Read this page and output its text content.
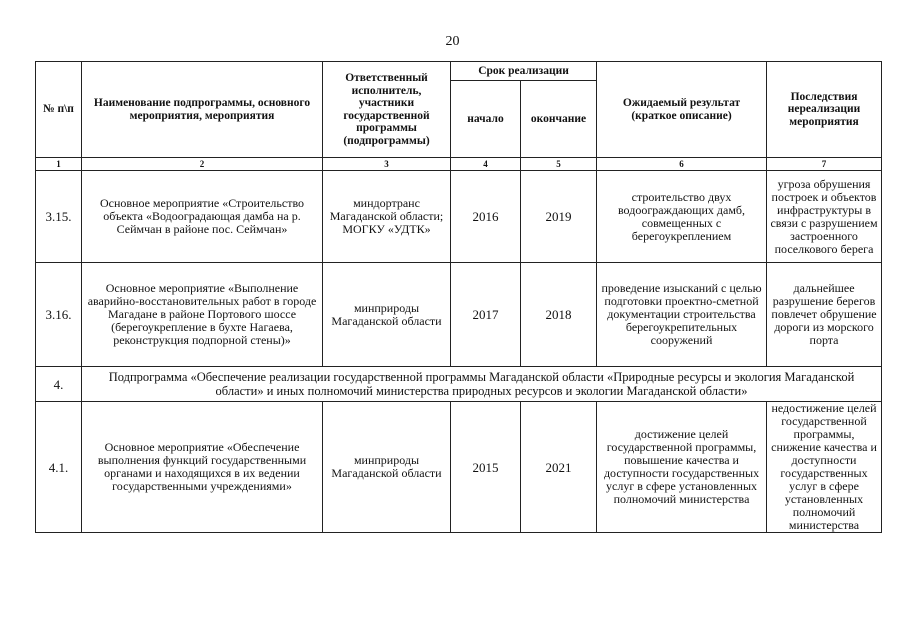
20
№ п\п	Наименование подпрограммы, основного мероприятия, мероприятия	Ответственный исполнитель, участники государственной программы (подпрограммы)	Срок реализации		Ожидаемый результат (краткое описание)	Последствия нереализации мероприятия
			начало	окончание		
1	2	3	4	5	6	7
3.15.	Основное мероприятие «Строительство объекта «Водооградающая дамба на р. Сеймчан в районе пос. Сеймчан»	миндортранс Магаданской области; МОГКУ «УДТК»	2016	2019	строительство двух водоограждающих дамб, совмещенных с берегоукреплением	угроза обрушения построек и объектов инфраструктуры в связи с разрушением застроенного поселкового берега
3.16.	Основное мероприятие «Выполнение аварийно-восстановительных работ в городе Магадане в районе Портового шоссе (берегоукрепление в бухте Нагаева, реконструкция подпорной стены)»	минприроды Магаданской области	2017	2018	проведение изысканий с целью подготовки проектно-сметной документации строительства берегоукрепительных сооружений	дальнейшее разрушение берегов повлечет обрушение дороги из морского порта
4.	Подпрограмма «Обеспечение реализации государственной программы Магаданской области «Природные ресурсы и экология Магаданской области» и иных полномочий министерства природных ресурсов и экологии Магаданской области»					
4.1.	Основное мероприятие «Обеспечение выполнения функций государственными органами и находящихся в их ведении государственными учреждениями»	минприроды Магаданской области	2015	2021	достижение целей государственной программы, повышение качества и доступности государственных услуг в сфере установленных полномочий министерства	недостижение целей государственной программы, снижение качества и доступности государственных услуг в сфере установленных полномочий министерства
